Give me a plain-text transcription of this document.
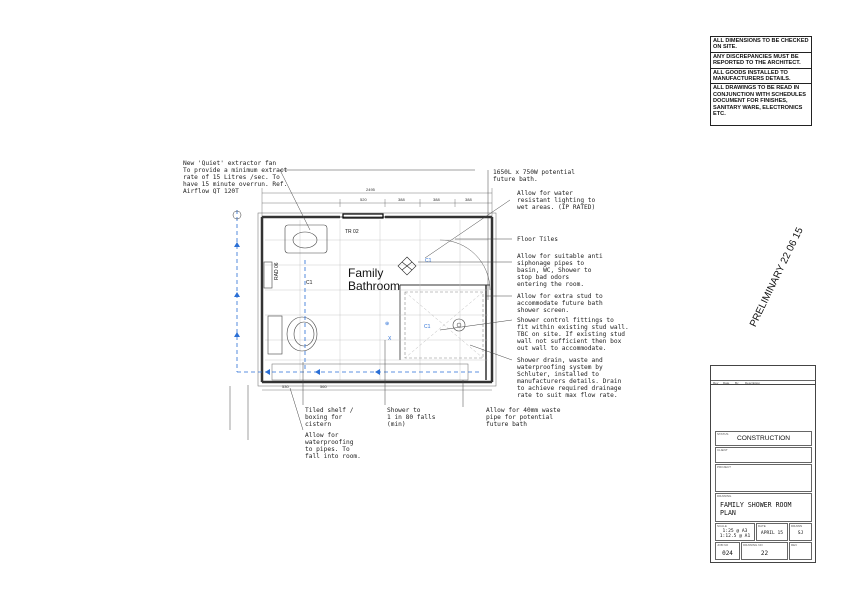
ALL DIMENSIONS TO BE CHECKED ON SITE.
ANY DISCREPANCIES MUST BE REPORTED TO THE ARCHITECT.
ALL GOODS INSTALLED TO MANUFACTURERS DETAILS.
ALL DRAWINGS TO BE READ IN CONJUNCTION WITH SCHEDULES DOCUMENT FOR FINISHES, SANITARY WARE, ELECTRONICS ETC.
C1
C1
⊕
X
TR 02
RAD 06
C1
Family
Bathroom
2495
520	388	388	388
530	560
New 'Quiet' extractor fan
To provide a minimum extract
rate of 15 Litres /sec. To
have 15 minute overrun. Ref.
Airflow QT 120T
1650L x 750W potential
future bath.
Allow for water
resistant lighting to
wet areas. (IP RATED)
Floor Tiles
Allow for suitable anti
siphonage pipes to
basin, WC, Shower to
stop bad odors
entering the room.
Allow for extra stud to
accommodate future bath
shower screen.
Shower control fittings to
fit within existing stud wall.
TBC on site. If existing stud
wall not sufficient then box
out wall to accommodate.
Shower drain, waste and
waterproofing system by
Schluter, installed to
manufacturers details. Drain
to achieve required drainage
rate to suit max flow rate.
Tiled shelf /
boxing for
cistern
Shower to
1 in 80 falls
(min)
Allow for 40mm waste
pipe for potential
future bath
Allow for
waterproofing
to pipes. To
fall into room.
PRELIMINARY 22 06 15
Rev Date By Description
STATUS
CONSTRUCTION
CLIENT
PROJECT
DRAWING
FAMILY SHOWER ROOM
PLAN
SCALE
1:25 @ A3
1:12.5 @ A1
DATE
APRIL 15
DRAWN
SJ
JOB NO
024
DRAWING NO
22
REV
